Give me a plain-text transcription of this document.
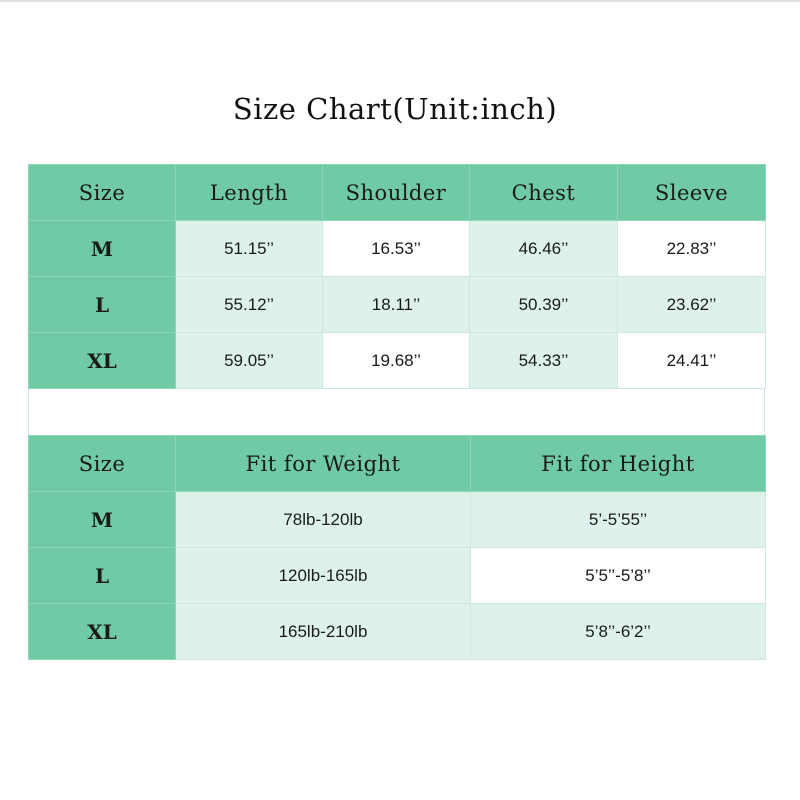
Size Chart(Unit:inch)
Size	Length	Shoulder	Chest	Sleeve
M	51.15’’	16.53’’	46.46’’	22.83’’
L	55.12’’	18.11’’	50.39’’	23.62’’
XL	59.05’’	19.68’’	54.33’’	24.41’’
Size	Fit for Weight	Fit for Height
M	78lb-120lb	5’-5’55’’
L	120lb-165lb	5’5’’-5’8’’
XL	165lb-210lb	5’8’’-6’2’’
